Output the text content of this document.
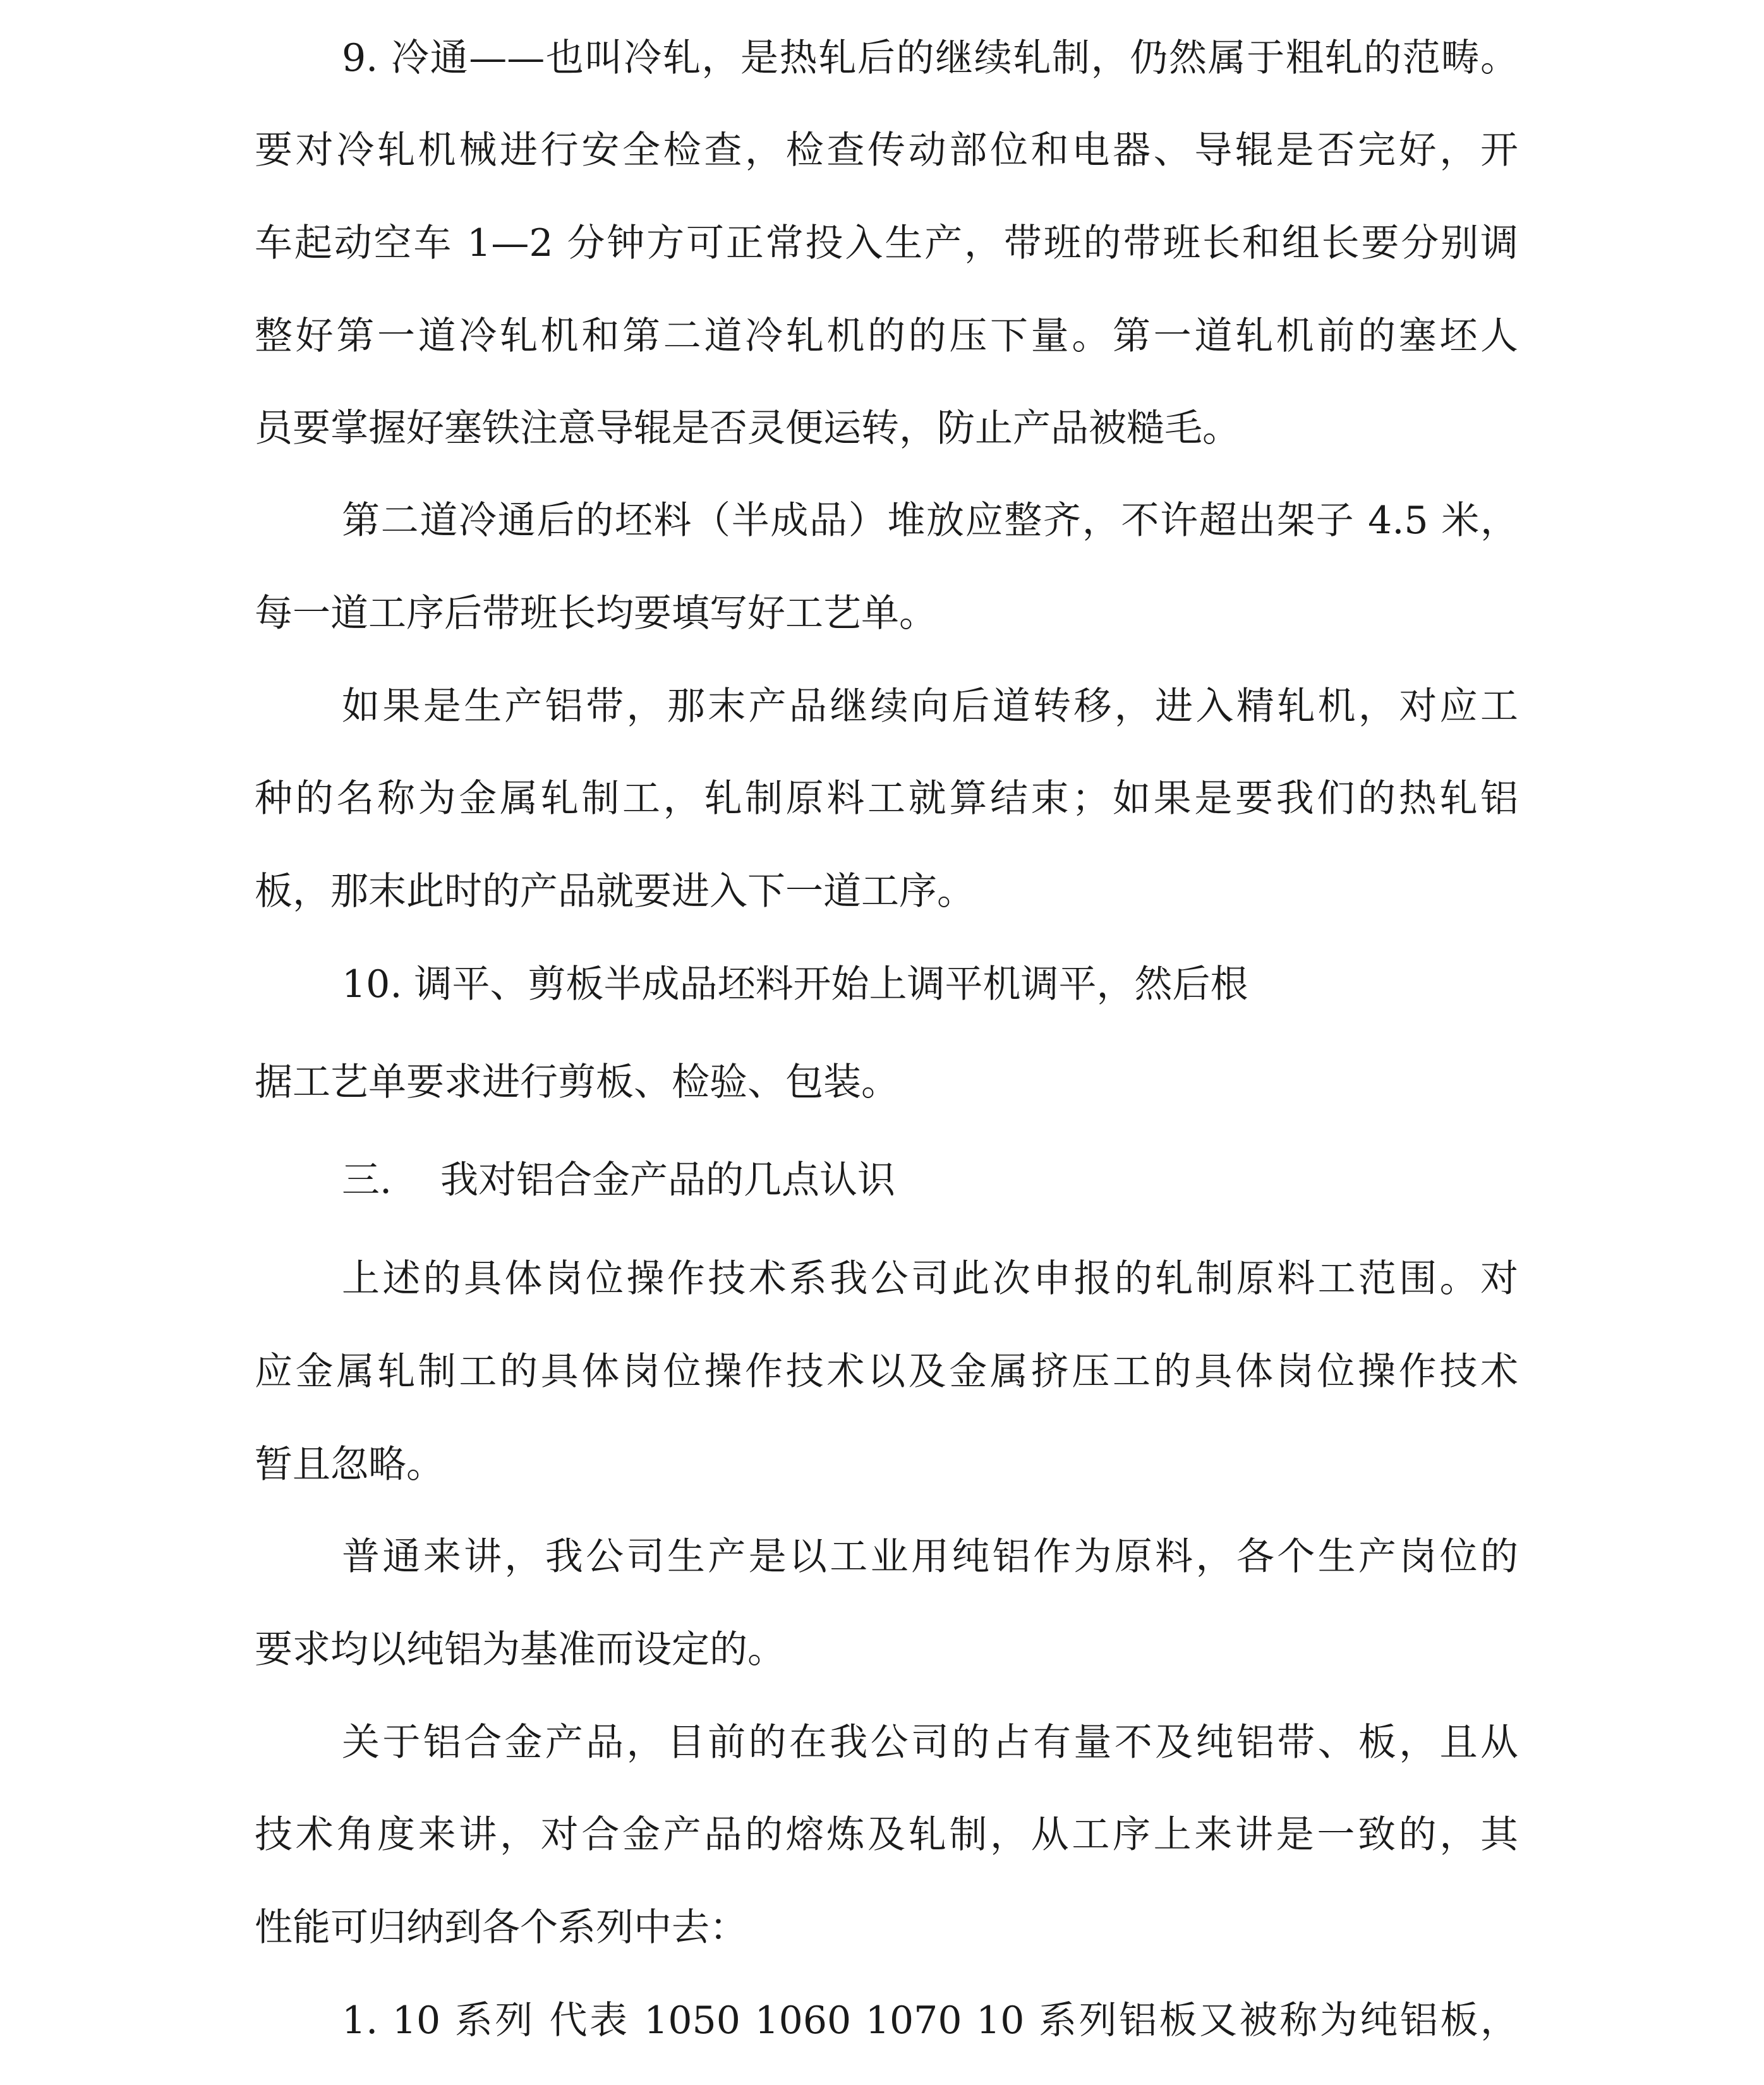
9. 冷通——也叫冷轧，是热轧后的继续轧制，仍然属于粗轧的范畴。
要对冷轧机械进行安全检查，检查传动部位和电器、导辊是否完好，开
车起动空车 1—2 分钟方可正常投入生产，带班的带班长和组长要分别调
整好第一道冷轧机和第二道冷轧机的的压下量。第一道轧机前的塞坯人
员要掌握好塞铁注意导辊是否灵便运转，防止产品被糙毛。
第二道冷通后的坯料（半成品）堆放应整齐，不许超出架子 4.5 米，
每一道工序后带班长均要填写好工艺单。
如果是生产铝带，那末产品继续向后道转移，进入精轧机，对应工
种的名称为金属轧制工，轧制原料工就算结束；如果是要我们的热轧铝
板，那末此时的产品就要进入下一道工序。
10. 调平、剪板半成品坯料开始上调平机调平，然后根
据工艺单要求进行剪板、检验、包装。
三. 我对铝合金产品的几点认识
上述的具体岗位操作技术系我公司此次申报的轧制原料工范围。对
应金属轧制工的具体岗位操作技术以及金属挤压工的具体岗位操作技术
暂且忽略。
普通来讲，我公司生产是以工业用纯铝作为原料，各个生产岗位的
要求均以纯铝为基准而设定的。
关于铝合金产品，目前的在我公司的占有量不及纯铝带、板，且从
技术角度来讲，对合金产品的熔炼及轧制，从工序上来讲是一致的，其
性能可归纳到各个系列中去：
1. 10 系列 代表 1050 1060 1070 10 系列铝板又被称为纯铝板，
